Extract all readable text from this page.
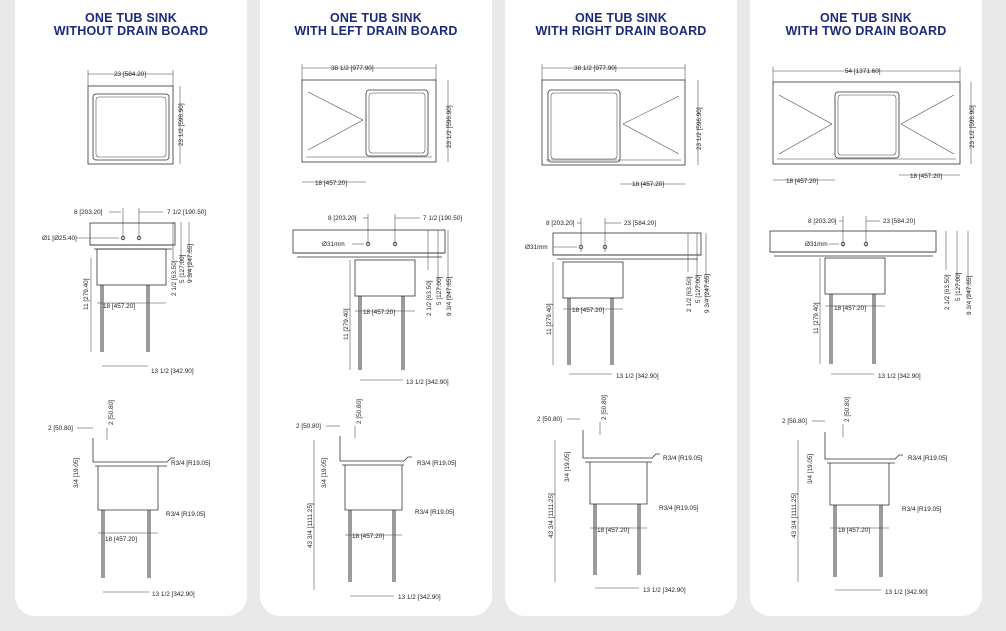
ONE TUB SINK
WITHOUT DRAIN BOARD
23 [584.20]
23 1/2 [596.90]
8 [203.20]	7 1/2 [190.50]
Ø1 [Ø25.40]
11 [279.40] 18 [457.20]
2 1/2 [63.50] 5 [127.00] 9 3/4 [247.65]
13 1/2 [342.90]
2 [50.80]
2 [50.80]
3/4 [19.05]	R3/4 [R19.05]
R3/4 [R19.05]
18 [457.20]
13 1/2 [342.90]
ONE TUB SINK
WITH LEFT DRAIN BOARD
38 1/2 [977.90]
23 1/2 [596.90]
18 [457.20]
8 [203.20]	7 1/2 [190.50]
Ø31mm
11 [279.40] 18 [457.20]	2 1/2 [63.50] 5 [127.00] 9 3/4 [247.65]
13 1/2 [342.90]
2 [50.80]
2 [50.80]
43 3/4 [1111.25]
3/4 [19.05]	R3/4 [R19.05]
R3/4 [R19.05]
18 [457.20]
13 1/2 [342.90]
ONE TUB SINK
WITH RIGHT DRAIN BOARD
38 1/2 [977.90]
23 1/2 [596.90]
18 [457.20]
8 [203.20]	23 [584.20]
Ø31mm
11 [279.40]	18 [457.20]	2 1/2 [63.50] 5 [127.00] 9 3/4 [247.65]
13 1/2 [342.90]
2 [50.80]	2 [50.80]
43 3/4 [1111.25]
3/4 [19.05]	R3/4 [R19.05]
R3/4 [R19.05]
18 [457.20]
13 1/2 [342.90]
ONE TUB SINK
WITH TWO DRAIN BOARD
54 [1371.60]
23 1/2 [596.90]
18 [457.20]
18 [457.20]
8 [203.20]	23 [584.20]
Ø31mm
11 [279.40] 18 [457.20]	2 1/2 [63.50] 5 [127.00] 9 3/4 [247.65]
13 1/2 [342.90]
2 [50.80]	2 [50.80]
43 3/4 [1111.25]
3/4 [19.05]	R3/4 [R19.05]
R3/4 [R19.05]
18 [457.20]
13 1/2 [342.90]
